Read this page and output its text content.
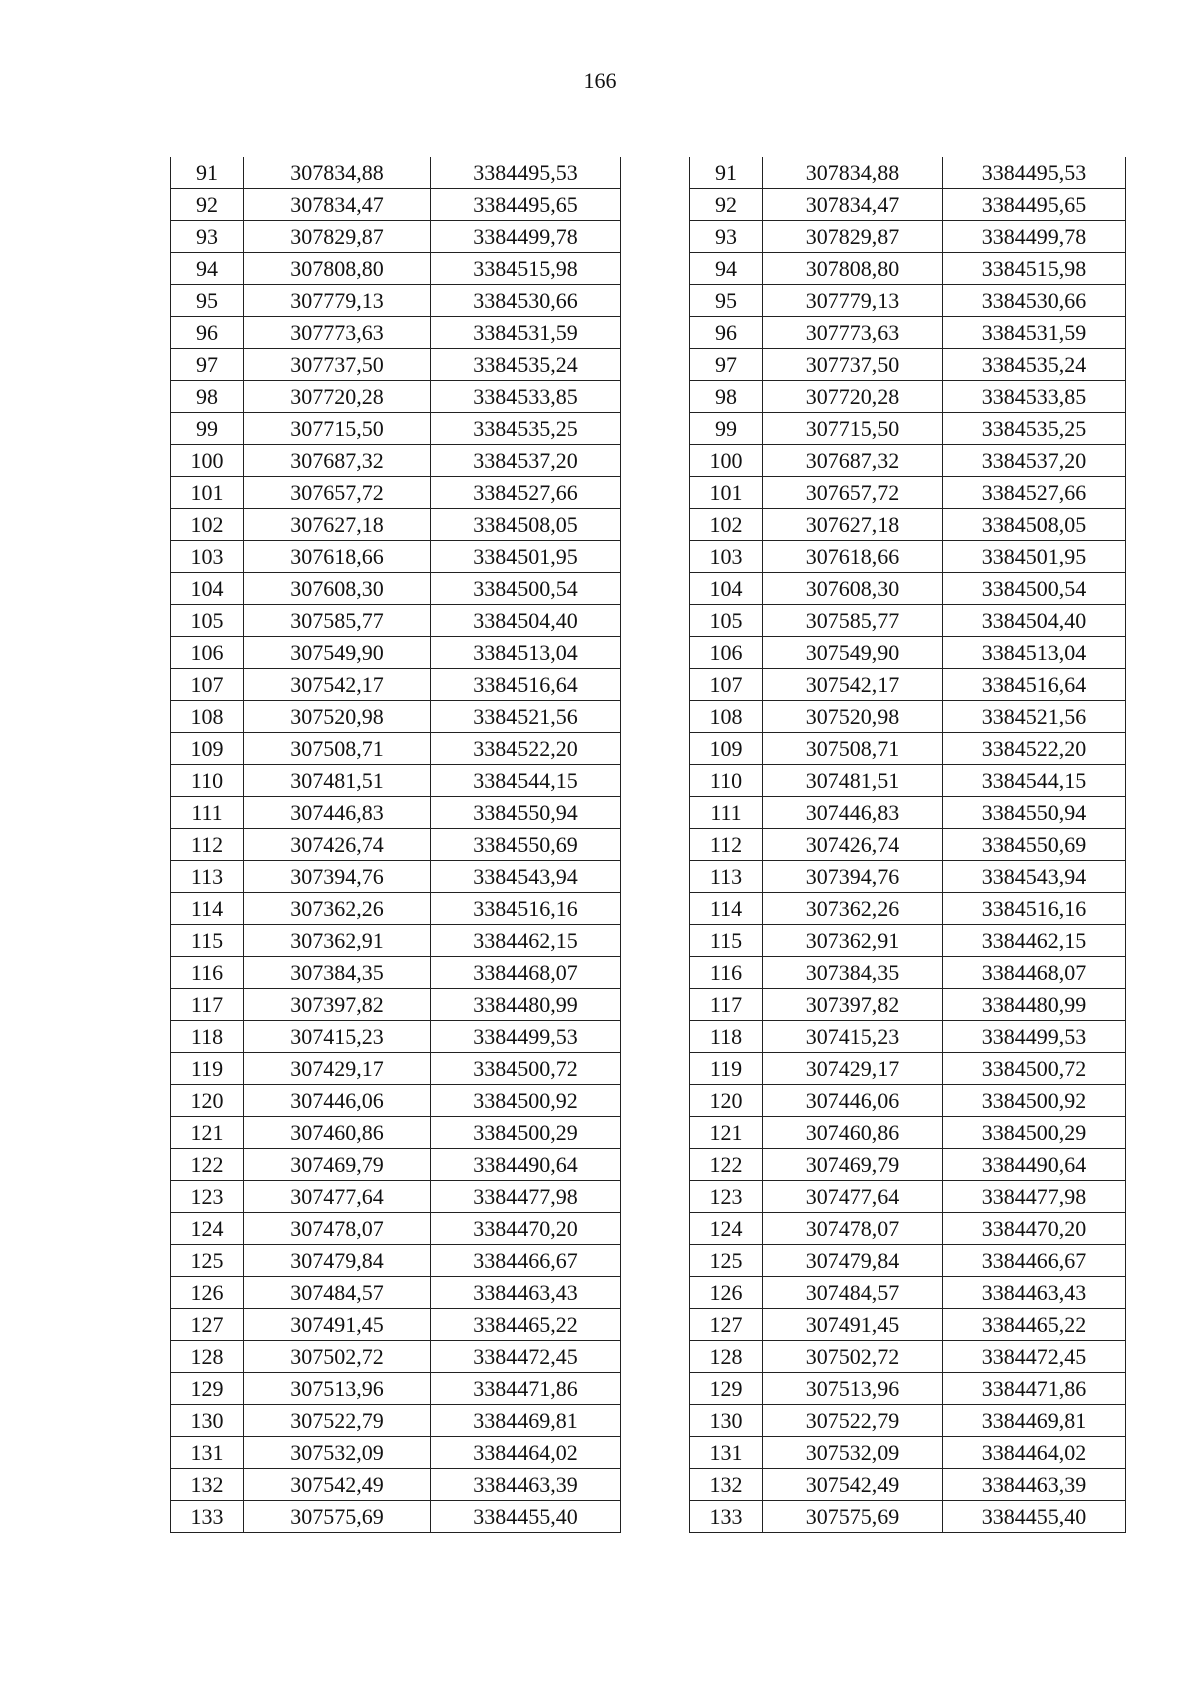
166
91	307834,88	3384495,53
92	307834,47	3384495,65
93	307829,87	3384499,78
94	307808,80	3384515,98
95	307779,13	3384530,66
96	307773,63	3384531,59
97	307737,50	3384535,24
98	307720,28	3384533,85
99	307715,50	3384535,25
100	307687,32	3384537,20
101	307657,72	3384527,66
102	307627,18	3384508,05
103	307618,66	3384501,95
104	307608,30	3384500,54
105	307585,77	3384504,40
106	307549,90	3384513,04
107	307542,17	3384516,64
108	307520,98	3384521,56
109	307508,71	3384522,20
110	307481,51	3384544,15
111	307446,83	3384550,94
112	307426,74	3384550,69
113	307394,76	3384543,94
114	307362,26	3384516,16
115	307362,91	3384462,15
116	307384,35	3384468,07
117	307397,82	3384480,99
118	307415,23	3384499,53
119	307429,17	3384500,72
120	307446,06	3384500,92
121	307460,86	3384500,29
122	307469,79	3384490,64
123	307477,64	3384477,98
124	307478,07	3384470,20
125	307479,84	3384466,67
126	307484,57	3384463,43
127	307491,45	3384465,22
128	307502,72	3384472,45
129	307513,96	3384471,86
130	307522,79	3384469,81
131	307532,09	3384464,02
132	307542,49	3384463,39
133	307575,69	3384455,40
91	307834,88	3384495,53
92	307834,47	3384495,65
93	307829,87	3384499,78
94	307808,80	3384515,98
95	307779,13	3384530,66
96	307773,63	3384531,59
97	307737,50	3384535,24
98	307720,28	3384533,85
99	307715,50	3384535,25
100	307687,32	3384537,20
101	307657,72	3384527,66
102	307627,18	3384508,05
103	307618,66	3384501,95
104	307608,30	3384500,54
105	307585,77	3384504,40
106	307549,90	3384513,04
107	307542,17	3384516,64
108	307520,98	3384521,56
109	307508,71	3384522,20
110	307481,51	3384544,15
111	307446,83	3384550,94
112	307426,74	3384550,69
113	307394,76	3384543,94
114	307362,26	3384516,16
115	307362,91	3384462,15
116	307384,35	3384468,07
117	307397,82	3384480,99
118	307415,23	3384499,53
119	307429,17	3384500,72
120	307446,06	3384500,92
121	307460,86	3384500,29
122	307469,79	3384490,64
123	307477,64	3384477,98
124	307478,07	3384470,20
125	307479,84	3384466,67
126	307484,57	3384463,43
127	307491,45	3384465,22
128	307502,72	3384472,45
129	307513,96	3384471,86
130	307522,79	3384469,81
131	307532,09	3384464,02
132	307542,49	3384463,39
133	307575,69	3384455,40
